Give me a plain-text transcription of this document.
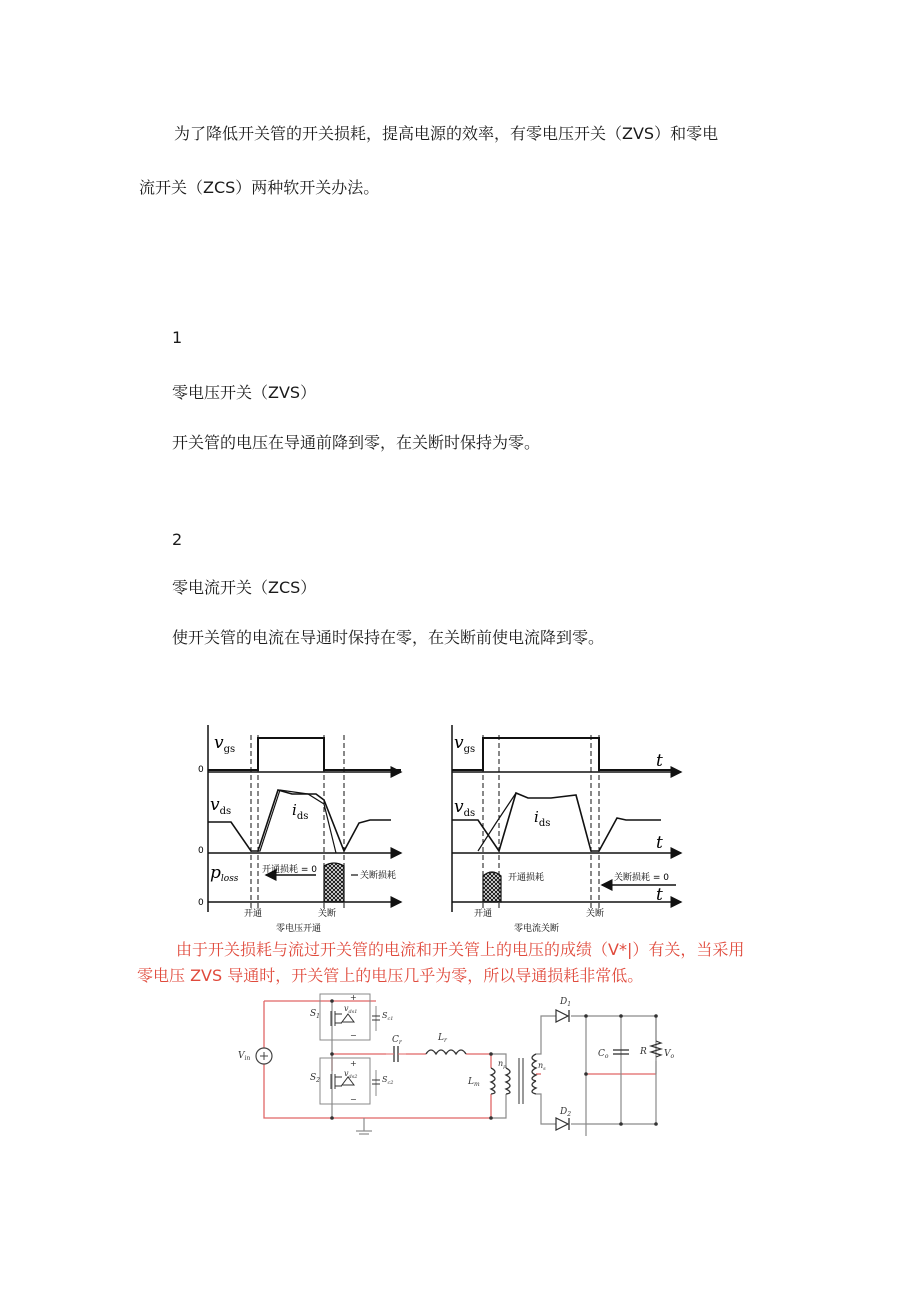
为了降低开关管的开关损耗，提高电源的效率，有零电压开关（ZVS）和零电
流开关（ZCS）两种软开关办法。
1
零电压开关（ZVS）
开关管的电压在导通前降到零，在关断时保持为零。
2
零电流开关（ZCS）
使开关管的电流在导通时保持在零，在关断前使电流降到零。
$v_{gs}$
0
$v_{ds}$	$i_{ds}$
0
ploss
0
开通损耗 = 0
关断损耗
开通	关断
零电压开通
$v_{gs}$
t
$v_{ds}$	$i_{ds}$
t
t
开通损耗	关断损耗 = 0
开通	关断
零电流关断
由于开关损耗与流过开关管的电流和开关管上的电压的成绩（V*|）有关，当采用
零电压 ZVS 导通时，开关管上的电压几乎为零，所以导通损耗非常低。
$V_{in}$
$S_1$
$v_{ds1}$	$S_{c1}$
+
−
$S_2$
$v_{ds2}$	$S_{c2}$
+
−
$C_r$	$L_r$
$L_m$
$n_p$	$n_s$
$D_1$
$D_2$
$C_o$	R $V_o$
